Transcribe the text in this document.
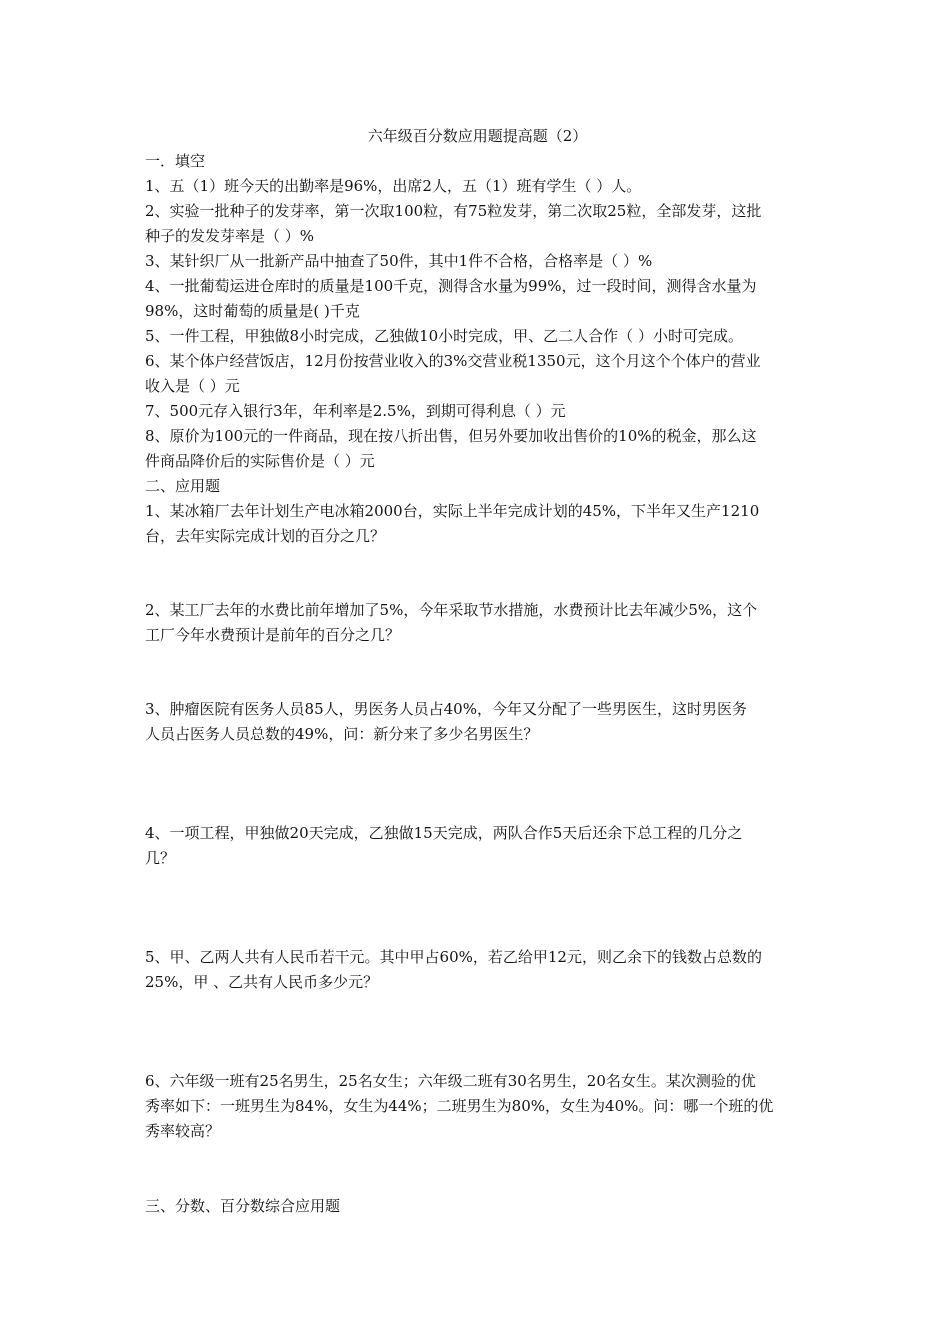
六年级百分数应用题提高题（2）

一．填空
1、五（1）班今天的出勤率是96%，出席2人，五（1）班有学生（ ）人。
2、实验一批种子的发芽率，第一次取100粒，有75粒发芽，第二次取25粒，全部发芽，这批
种子的发发芽率是（ ）%
3、某针织厂从一批新产品中抽查了50件，其中1件不合格，合格率是（ ）%
4、一批葡萄运进仓库时的质量是100千克，测得含水量为99%，过一段时间，测得含水量为
98%，这时葡萄的质量是( )千克
5、一件工程，甲独做8小时完成，乙独做10小时完成，甲、乙二人合作（ ）小时可完成。
6、某个体户经营饭店，12月份按营业收入的3%交营业税1350元，这个月这个个体户的营业
收入是（ ）元
7、500元存入银行3年，年利率是2.5%，到期可得利息（ ）元
8、原价为100元的一件商品，现在按八折出售，但另外要加收出售价的10%的税金，那么这
件商品降价后的实际售价是（ ）元
二、应用题
1、某冰箱厂去年计划生产电冰箱2000台，实际上半年完成计划的45%，下半年又生产1210
台，去年实际完成计划的百分之几？
2、某工厂去年的水费比前年增加了5%，今年采取节水措施，水费预计比去年减少5%，这个
工厂今年水费预计是前年的百分之几？
3、肿瘤医院有医务人员85人，男医务人员占40%，今年又分配了一些男医生，这时男医务
人员占医务人员总数的49%，问：新分来了多少名男医生？
4、一项工程，甲独做20天完成，乙独做15天完成，两队合作5天后还余下总工程的几分之
几？
5、甲、乙两人共有人民币若干元。其中甲占60%，若乙给甲12元，则乙余下的钱数占总数的
25%，甲 、乙共有人民币多少元？
6、六年级一班有25名男生，25名女生；六年级二班有30名男生，20名女生。某次测验的优
秀率如下：一班男生为84%，女生为44%；二班男生为80%，女生为40%。问：哪一个班的优
秀率较高？
三、分数、百分数综合应用题
